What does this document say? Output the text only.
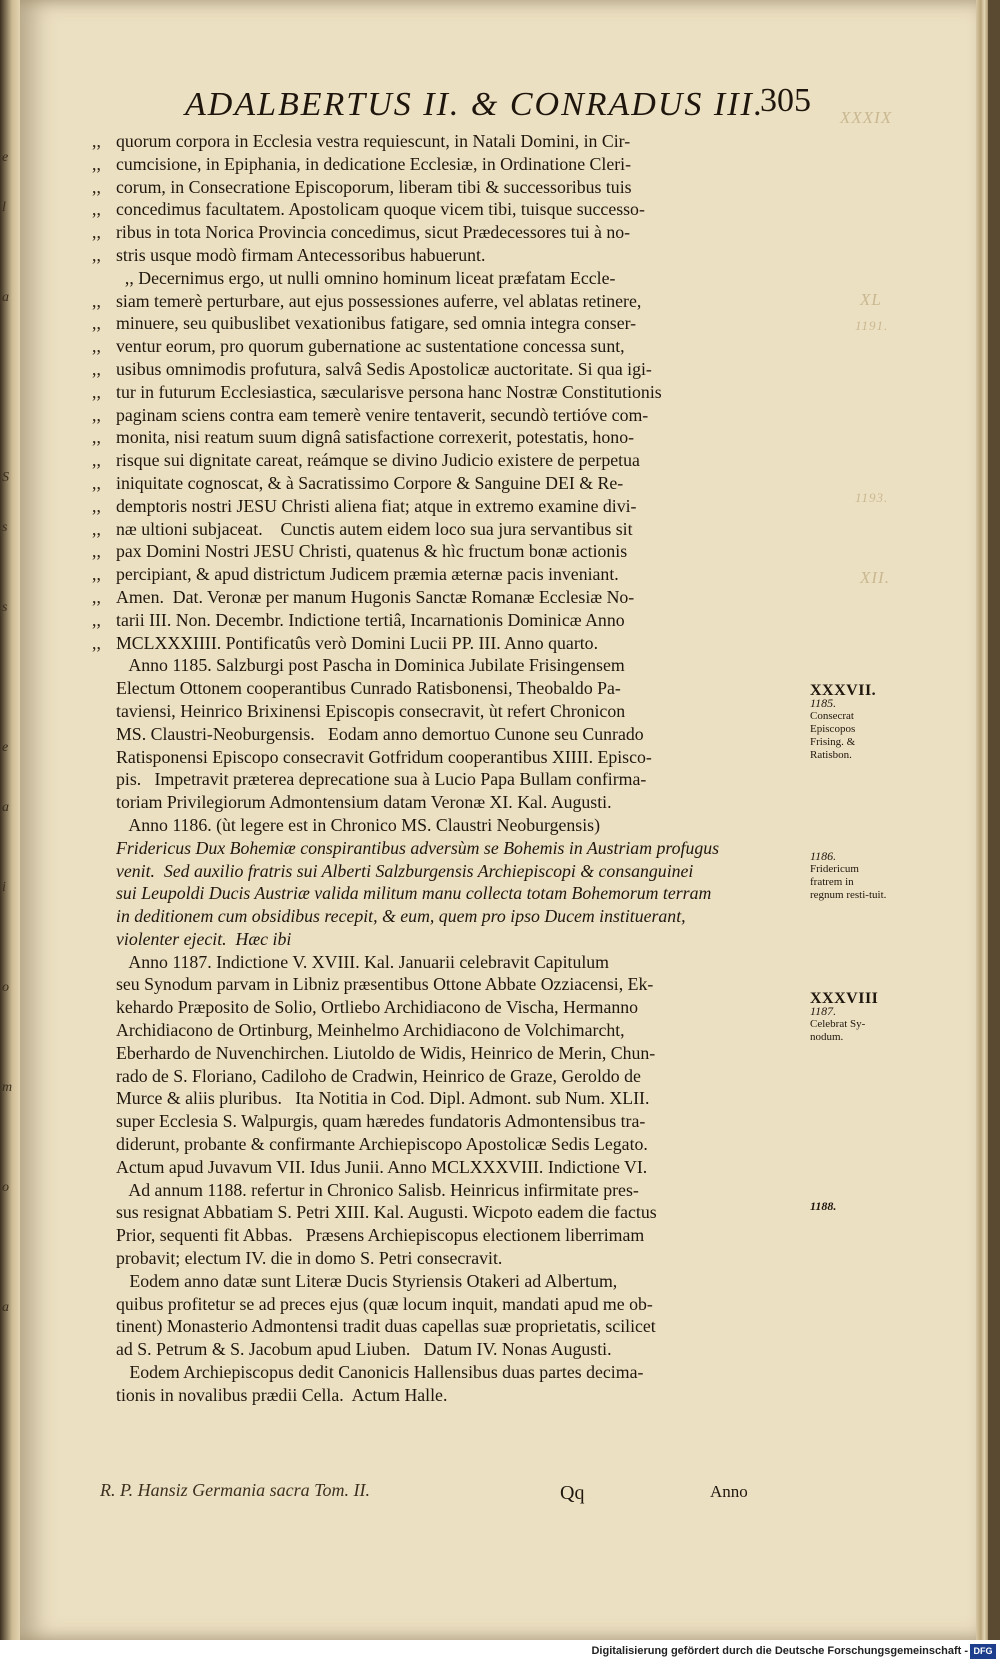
e
l
a
S
s
s
e
a
i
o
m
o
a
XXXIX
XL
1191.
1193.
XII.
ADALBERTUS II. & CONRADUS III.
305
,, quorum corpora in Ecclesia vestra requiescunt, in Natali Domini, in Cir-
,, cumcisione, in Epiphania, in dedicatione Ecclesiæ, in Ordinatione Cleri-
,, corum, in Consecratione Episcoporum, liberam tibi & successoribus tuis
,, concedimus facultatem. Apostolicam quoque vicem tibi, tuisque successo-
,, ribus in tota Norica Provincia concedimus, sicut Prædecessores tui à no-
,, stris usque modò firmam Antecessoribus habuerunt.
,, Decernimus ergo, ut nulli omnino hominum liceat præfatam Eccle-
,, siam temerè perturbare, aut ejus possessiones auferre, vel ablatas retinere,
,, minuere, seu quibuslibet vexationibus fatigare, sed omnia integra conser-
,, ventur eorum, pro quorum gubernatione ac sustentatione concessa sunt,
,, usibus omnimodis profutura, salvâ Sedis Apostolicæ auctoritate. Si qua igi-
,, tur in futurum Ecclesiastica, sæcularisve persona hanc Nostræ Constitutionis
,, paginam sciens contra eam temerè venire tentaverit, secundò tertióve com-
,, monita, nisi reatum suum dignâ satisfactione correxerit, potestatis, hono-
,, risque sui dignitate careat, reámque se divino Judicio existere de perpetua
,, iniquitate cognoscat, & à Sacratissimo Corpore & Sanguine DEI & Re-
,, demptoris nostri JESU Christi aliena fiat; atque in extremo examine divi-
,, næ ultioni subjaceat.    Cunctis autem eidem loco sua jura servantibus sit
,, pax Domini Nostri JESU Christi, quatenus & hìc fructum bonæ actionis
,, percipiant, & apud districtum Judicem præmia æternæ pacis inveniant.
,, Amen.  Dat. Veronæ per manum Hugonis Sanctæ Romanæ Ecclesiæ No-
,, tarii III. Non. Decembr. Indictione tertiâ, Incarnationis Dominicæ Anno
,, MCLXXXIIII. Pontificatûs verò Domini Lucii PP. III. Anno quarto.
Anno 1185. Salzburgi post Pascha in Dominica Jubilate Frisingensem
Electum Ottonem cooperantibus Cunrado Ratisbonensi, Theobaldo Pa-
taviensi, Heinrico Brixinensi Episcopis consecravit, ùt refert Chronicon
MS. Claustri-Neoburgensis.   Eodam anno demortuo Cunone seu Cunrado
Ratisponensi Episcopo consecravit Gotfridum cooperantibus XIIII. Episco-
pis.   Impetravit præterea deprecatione sua à Lucio Papa Bullam confirma-
toriam Privilegiorum Admontensium datam Veronæ XI. Kal. Augusti.
Anno 1186. (ùt legere est in Chronico MS. Claustri Neoburgensis)
Fridericus Dux Bohemiæ conspirantibus adversùm se Bohemis in Austriam profugus
venit.  Sed auxilio fratris sui Alberti Salzburgensis Archiepiscopi & consanguinei
sui Leupoldi Ducis Austriæ valida militum manu collecta totam Bohemorum terram
in deditionem cum obsidibus recepit, & eum, quem pro ipso Ducem instituerant,
violenter ejecit.  Hæc ibi
Anno 1187. Indictione V. XVIII. Kal. Januarii celebravit Capitulum
seu Synodum parvam in Libniz præsentibus Ottone Abbate Ozziacensi, Ek-
kehardo Præposito de Solio, Ortliebo Archidiacono de Vischa, Hermanno
Archidiacono de Ortinburg, Meinhelmo Archidiacono de Volchimarcht,
Eberhardo de Nuvenchirchen. Liutoldo de Widis, Heinrico de Merin, Chun-
rado de S. Floriano, Cadiloho de Cradwin, Heinrico de Graze, Geroldo de
Murce & aliis pluribus.   Ita Notitia in Cod. Dipl. Admont. sub Num. XLII.
super Ecclesia S. Walpurgis, quam hæredes fundatoris Admontensibus tra-
diderunt, probante & confirmante Archiepiscopo Apostolicæ Sedis Legato.
Actum apud Juvavum VII. Idus Junii. Anno MCLXXXVIII. Indictione VI.
Ad annum 1188. refertur in Chronico Salisb. Heinricus infirmitate pres-
sus resignat Abbatiam S. Petri XIII. Kal. Augusti. Wicpoto eadem die factus
Prior, sequenti fit Abbas.   Præsens Archiepiscopus electionem liberrimam
probavit; electum IV. die in domo S. Petri consecravit.
Eodem anno datæ sunt Literæ Ducis Styriensis Otakeri ad Albertum,
quibus profitetur se ad preces ejus (quæ locum inquit, mandati apud me ob-
tinent) Monasterio Admontensi tradit duas capellas suæ proprietatis, scilicet
ad S. Petrum & S. Jacobum apud Liuben.   Datum IV. Nonas Augusti.
Eodem Archiepiscopus dedit Canonicis Hallensibus duas partes decima-
tionis in novalibus prædii Cella.  Actum Halle.
XXXVII.
1185.
Consecrat Episcopos Frising. & Ratisbon.
1186.
Fridericum fratrem in regnum resti-tuit.
XXXVIII
1187.
Celebrat Sy-nodum.
1188.
R. P. Hansiz Germania sacra Tom. II.	Qq	Anno
Digitalisierung gefördert durch die Deutsche Forschungsgemeinschaft - DFG
